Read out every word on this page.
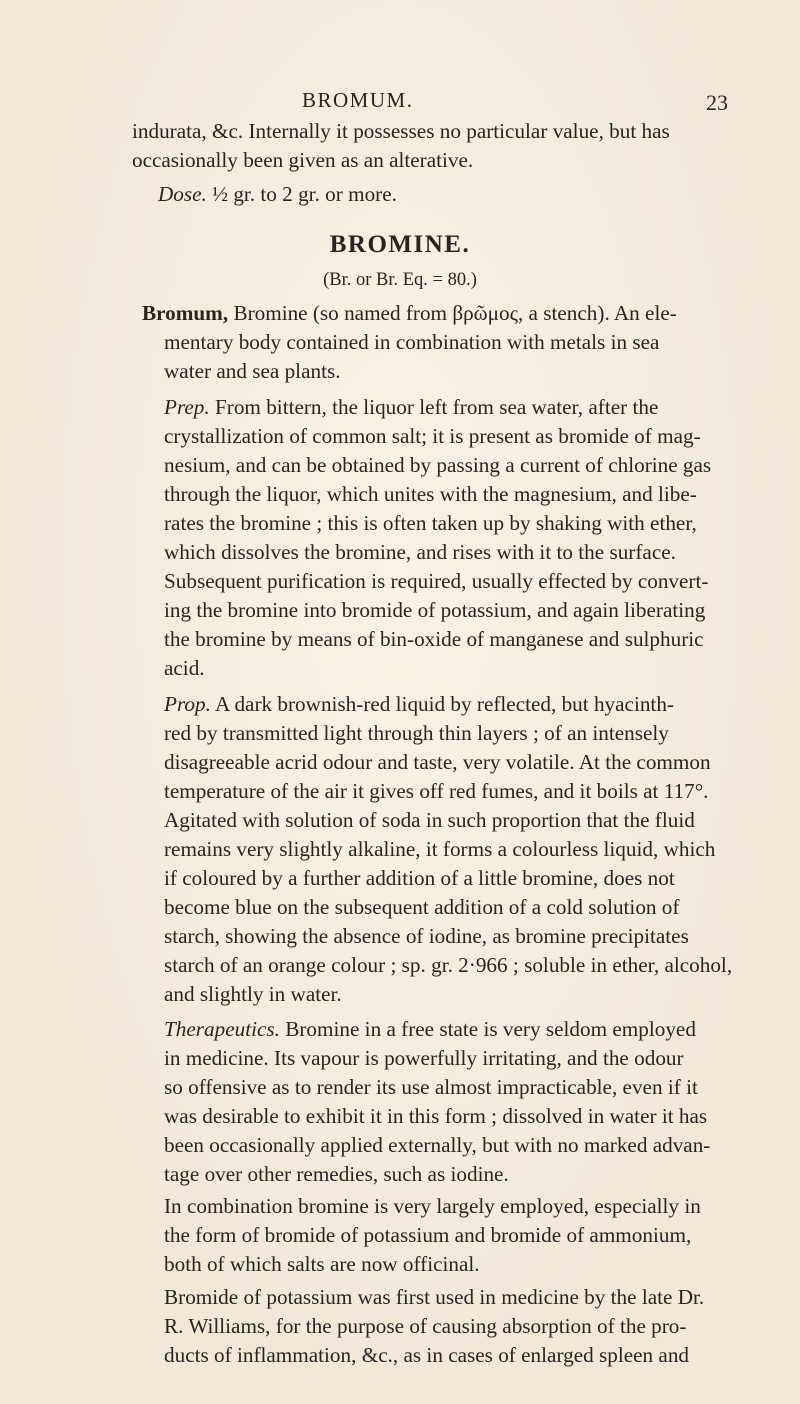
BROMUM.	23
indurata, &c. Internally it possesses no particular value, but has
occasionally been given as an alterative.
Dose. ½ gr. to 2 gr. or more.
BROMINE.
(Br. or Br. Eq. = 80.)
Bromum, Bromine (so named from βρῶμος, a stench). An ele-
mentary body contained in combination with metals in sea
water and sea plants.
Prep. From bittern, the liquor left from sea water, after the
crystallization of common salt; it is present as bromide of mag-
nesium, and can be obtained by passing a current of chlorine gas
through the liquor, which unites with the magnesium, and libe-
rates the bromine ; this is often taken up by shaking with ether,
which dissolves the bromine, and rises with it to the surface.
Subsequent purification is required, usually effected by convert-
ing the bromine into bromide of potassium, and again liberating
the bromine by means of bin-oxide of manganese and sulphuric
acid.
Prop. A dark brownish-red liquid by reflected, but hyacinth-
red by transmitted light through thin layers ; of an intensely
disagreeable acrid odour and taste, very volatile. At the common
temperature of the air it gives off red fumes, and it boils at 117°.
Agitated with solution of soda in such proportion that the fluid
remains very slightly alkaline, it forms a colourless liquid, which
if coloured by a further addition of a little bromine, does not
become blue on the subsequent addition of a cold solution of
starch, showing the absence of iodine, as bromine precipitates
starch of an orange colour ; sp. gr. 2·966 ; soluble in ether, alcohol,
and slightly in water.
Therapeutics. Bromine in a free state is very seldom employed
in medicine. Its vapour is powerfully irritating, and the odour
so offensive as to render its use almost impracticable, even if it
was desirable to exhibit it in this form ; dissolved in water it has
been occasionally applied externally, but with no marked advan-
tage over other remedies, such as iodine.
In combination bromine is very largely employed, especially in
the form of bromide of potassium and bromide of ammonium,
both of which salts are now officinal.
Bromide of potassium was first used in medicine by the late Dr.
R. Williams, for the purpose of causing absorption of the pro-
ducts of inflammation, &c., as in cases of enlarged spleen and
